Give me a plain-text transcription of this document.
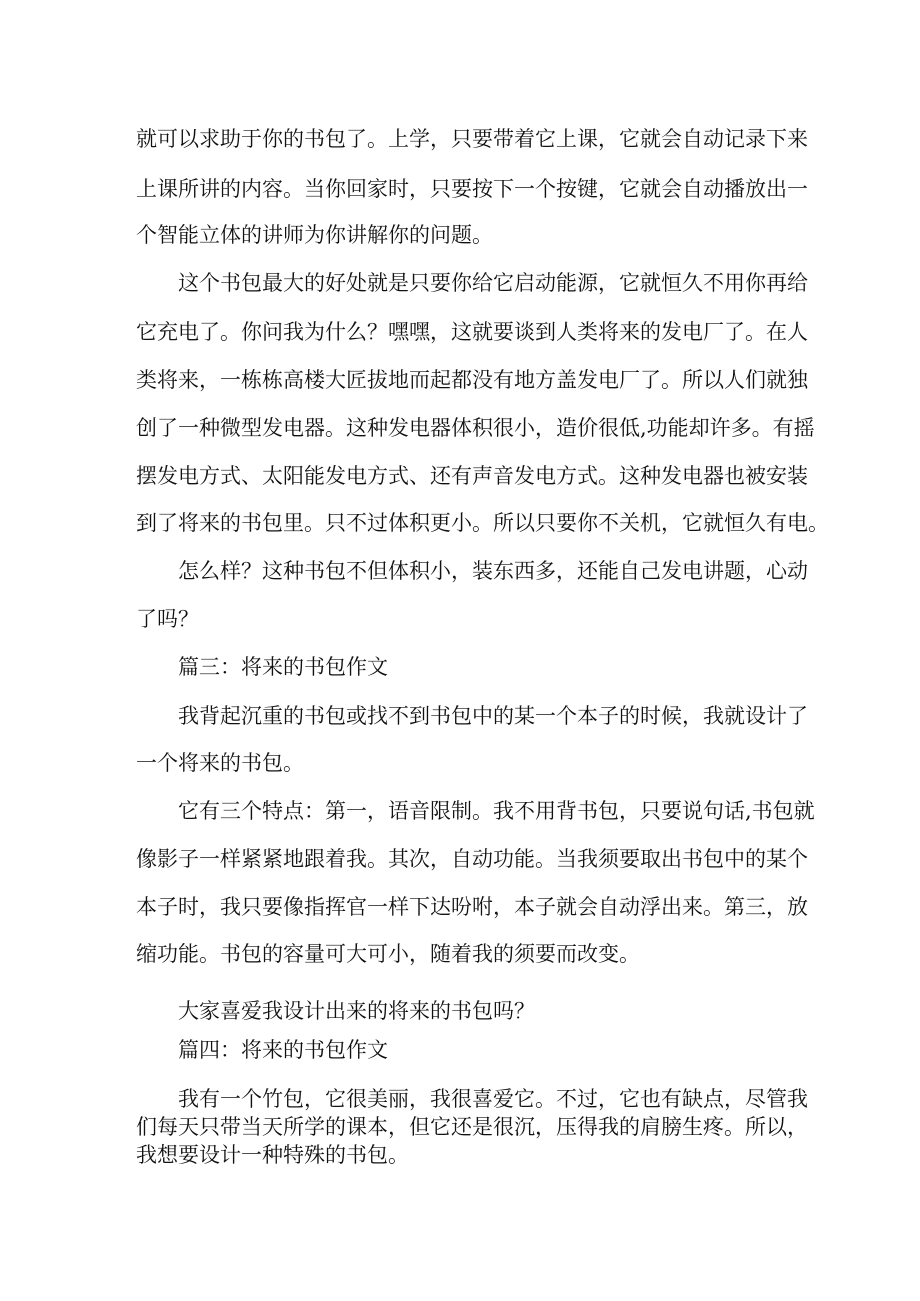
就可以求助于你的书包了。上学，只要带着它上课，它就会自动记录下来
上课所讲的内容。当你回家时，只要按下一个按键，它就会自动播放出一
个智能立体的讲师为你讲解你的问题。
这个书包最大的好处就是只要你给它启动能源，它就恒久不用你再给
它充电了。你问我为什么？嘿嘿，这就要谈到人类将来的发电厂了。在人
类将来，一栋栋高楼大匠拔地而起都没有地方盖发电厂了。所以人们就独
创了一种微型发电器。这种发电器体积很小，造价很低,功能却许多。有摇
摆发电方式、太阳能发电方式、还有声音发电方式。这种发电器也被安装
到了将来的书包里。只不过体积更小。所以只要你不关机，它就恒久有电。
怎么样？这种书包不但体积小，装东西多，还能自己发电讲题，心动
了吗？
篇三：将来的书包作文
我背起沉重的书包或找不到书包中的某一个本子的时候，我就设计了
一个将来的书包。
它有三个特点：第一，语音限制。我不用背书包，只要说句话,书包就
像影子一样紧紧地跟着我。其次，自动功能。当我须要取出书包中的某个
本子时，我只要像指挥官一样下达吩咐，本子就会自动浮出来。第三，放
缩功能。书包的容量可大可小，随着我的须要而改变。
大家喜爱我设计出来的将来的书包吗？
篇四：将来的书包作文
我有一个竹包，它很美丽，我很喜爱它。不过，它也有缺点，尽管我
们每天只带当天所学的课本，但它还是很沉，压得我的肩膀生疼。所以，
我想要设计一种特殊的书包。
